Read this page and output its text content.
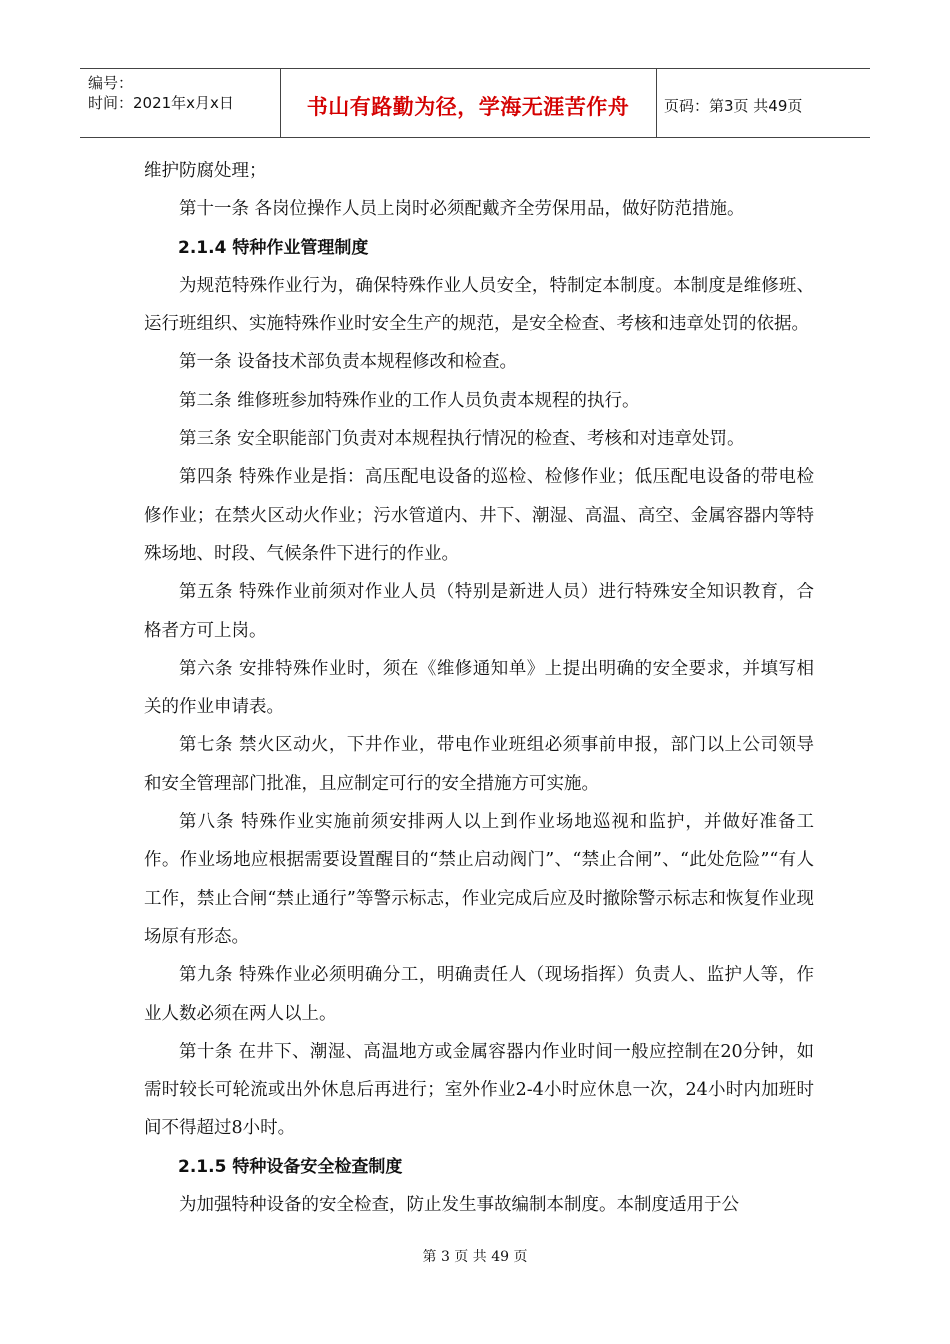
编号：
时间：2021年x月x日	书山有路勤为径，学海无涯苦作舟	页码：第3页 共49页

维护防腐处理；

第十一条 各岗位操作人员上岗时必须配戴齐全劳保用品，做好防范措施。

2.1.4 特种作业管理制度

为规范特殊作业行为，确保特殊作业人员安全，特制定本制度。本制度是维修班、运行班组织、实施特殊作业时安全生产的规范，是安全检查、考核和违章处罚的依据。

第一条 设备技术部负责本规程修改和检查。

第二条 维修班参加特殊作业的工作人员负责本规程的执行。

第三条 安全职能部门负责对本规程执行情况的检查、考核和对违章处罚。

第四条 特殊作业是指：高压配电设备的巡检、检修作业；低压配电设备的带电检修作业；在禁火区动火作业；污水管道内、井下、潮湿、高温、高空、金属容器内等特殊场地、时段、气候条件下进行的作业。

第五条 特殊作业前须对作业人员（特别是新进人员）进行特殊安全知识教育，合格者方可上岗。

第六条 安排特殊作业时，须在《维修通知单》上提出明确的安全要求，并填写相关的作业申请表。

第七条 禁火区动火，下井作业，带电作业班组必须事前申报，部门以上公司领导和安全管理部门批准，且应制定可行的安全措施方可实施。

第八条 特殊作业实施前须安排两人以上到作业场地巡视和监护，并做好准备工作。作业场地应根据需要设置醒目的“禁止启动阀门”、“禁止合闸”、“此处危险”“有人工作，禁止合闸“禁止通行”等警示标志，作业完成后应及时撤除警示标志和恢复作业现场原有形态。

第九条 特殊作业必须明确分工，明确责任人（现场指挥）负责人、监护人等，作业人数必须在两人以上。

第十条 在井下、潮湿、高温地方或金属容器内作业时间一般应控制在20分钟，如需时较长可轮流或出外休息后再进行；室外作业2-4小时应休息一次，24小时内加班时间不得超过8小时。

2.1.5 特种设备安全检查制度

为加强特种设备的安全检查，防止发生事故编制本制度。本制度适用于公

第 3 页 共 49 页
